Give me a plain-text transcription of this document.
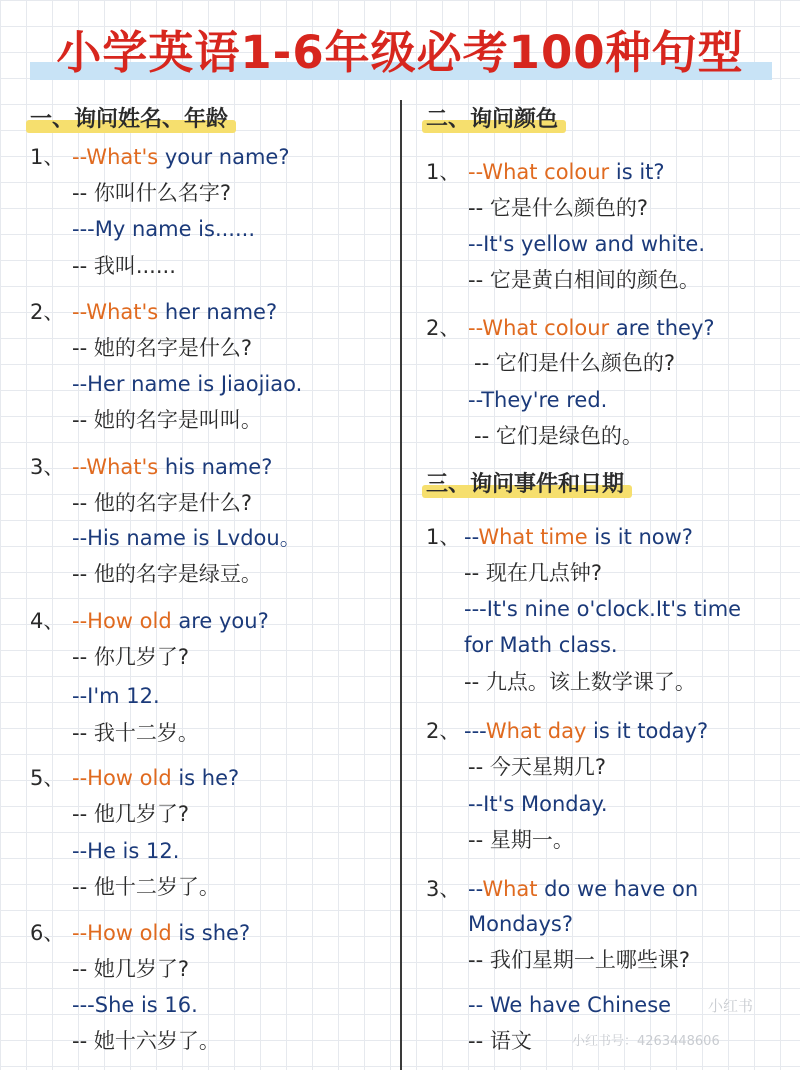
小学英语1-6年级必考100种句型
一、询问姓名、年龄
1、 --What's your name?
-- 你叫什么名字?
---My name is......
-- 我叫......
2、 --What's her name?
-- 她的名字是什么?
--Her name is Jiaojiao.
-- 她的名字是叫叫。
3、 --What's his name?
-- 他的名字是什么?
--His name is Lvdou。
-- 他的名字是绿豆。
4、 --How old are you?
-- 你几岁了?
--I'm 12.
-- 我十二岁。
5、 --How old is he?
-- 他几岁了?
--He is 12.
-- 他十二岁了。
6、 --How old is she?
-- 她几岁了?
---She is 16.
-- 她十六岁了。
二、询问颜色
1、 --What colour is it?
-- 它是什么颜色的?
--It's yellow and white.
-- 它是黄白相间的颜色。
2、 --What colour are they?
-- 它们是什么颜色的?
--They're red.
-- 它们是绿色的。
三、询问事件和日期
1、 --What time is it now?
-- 现在几点钟?
---It's nine o'clock.It's time
for Math class.
-- 九点。该上数学课了。
2、 ---What day is it today?
-- 今天星期几?
--It's Monday.
-- 星期一。
3、 --What do we have on
Mondays?
-- 我们星期一上哪些课?
-- We have Chinese
-- 语文
小红书
小红书号：4263448606
